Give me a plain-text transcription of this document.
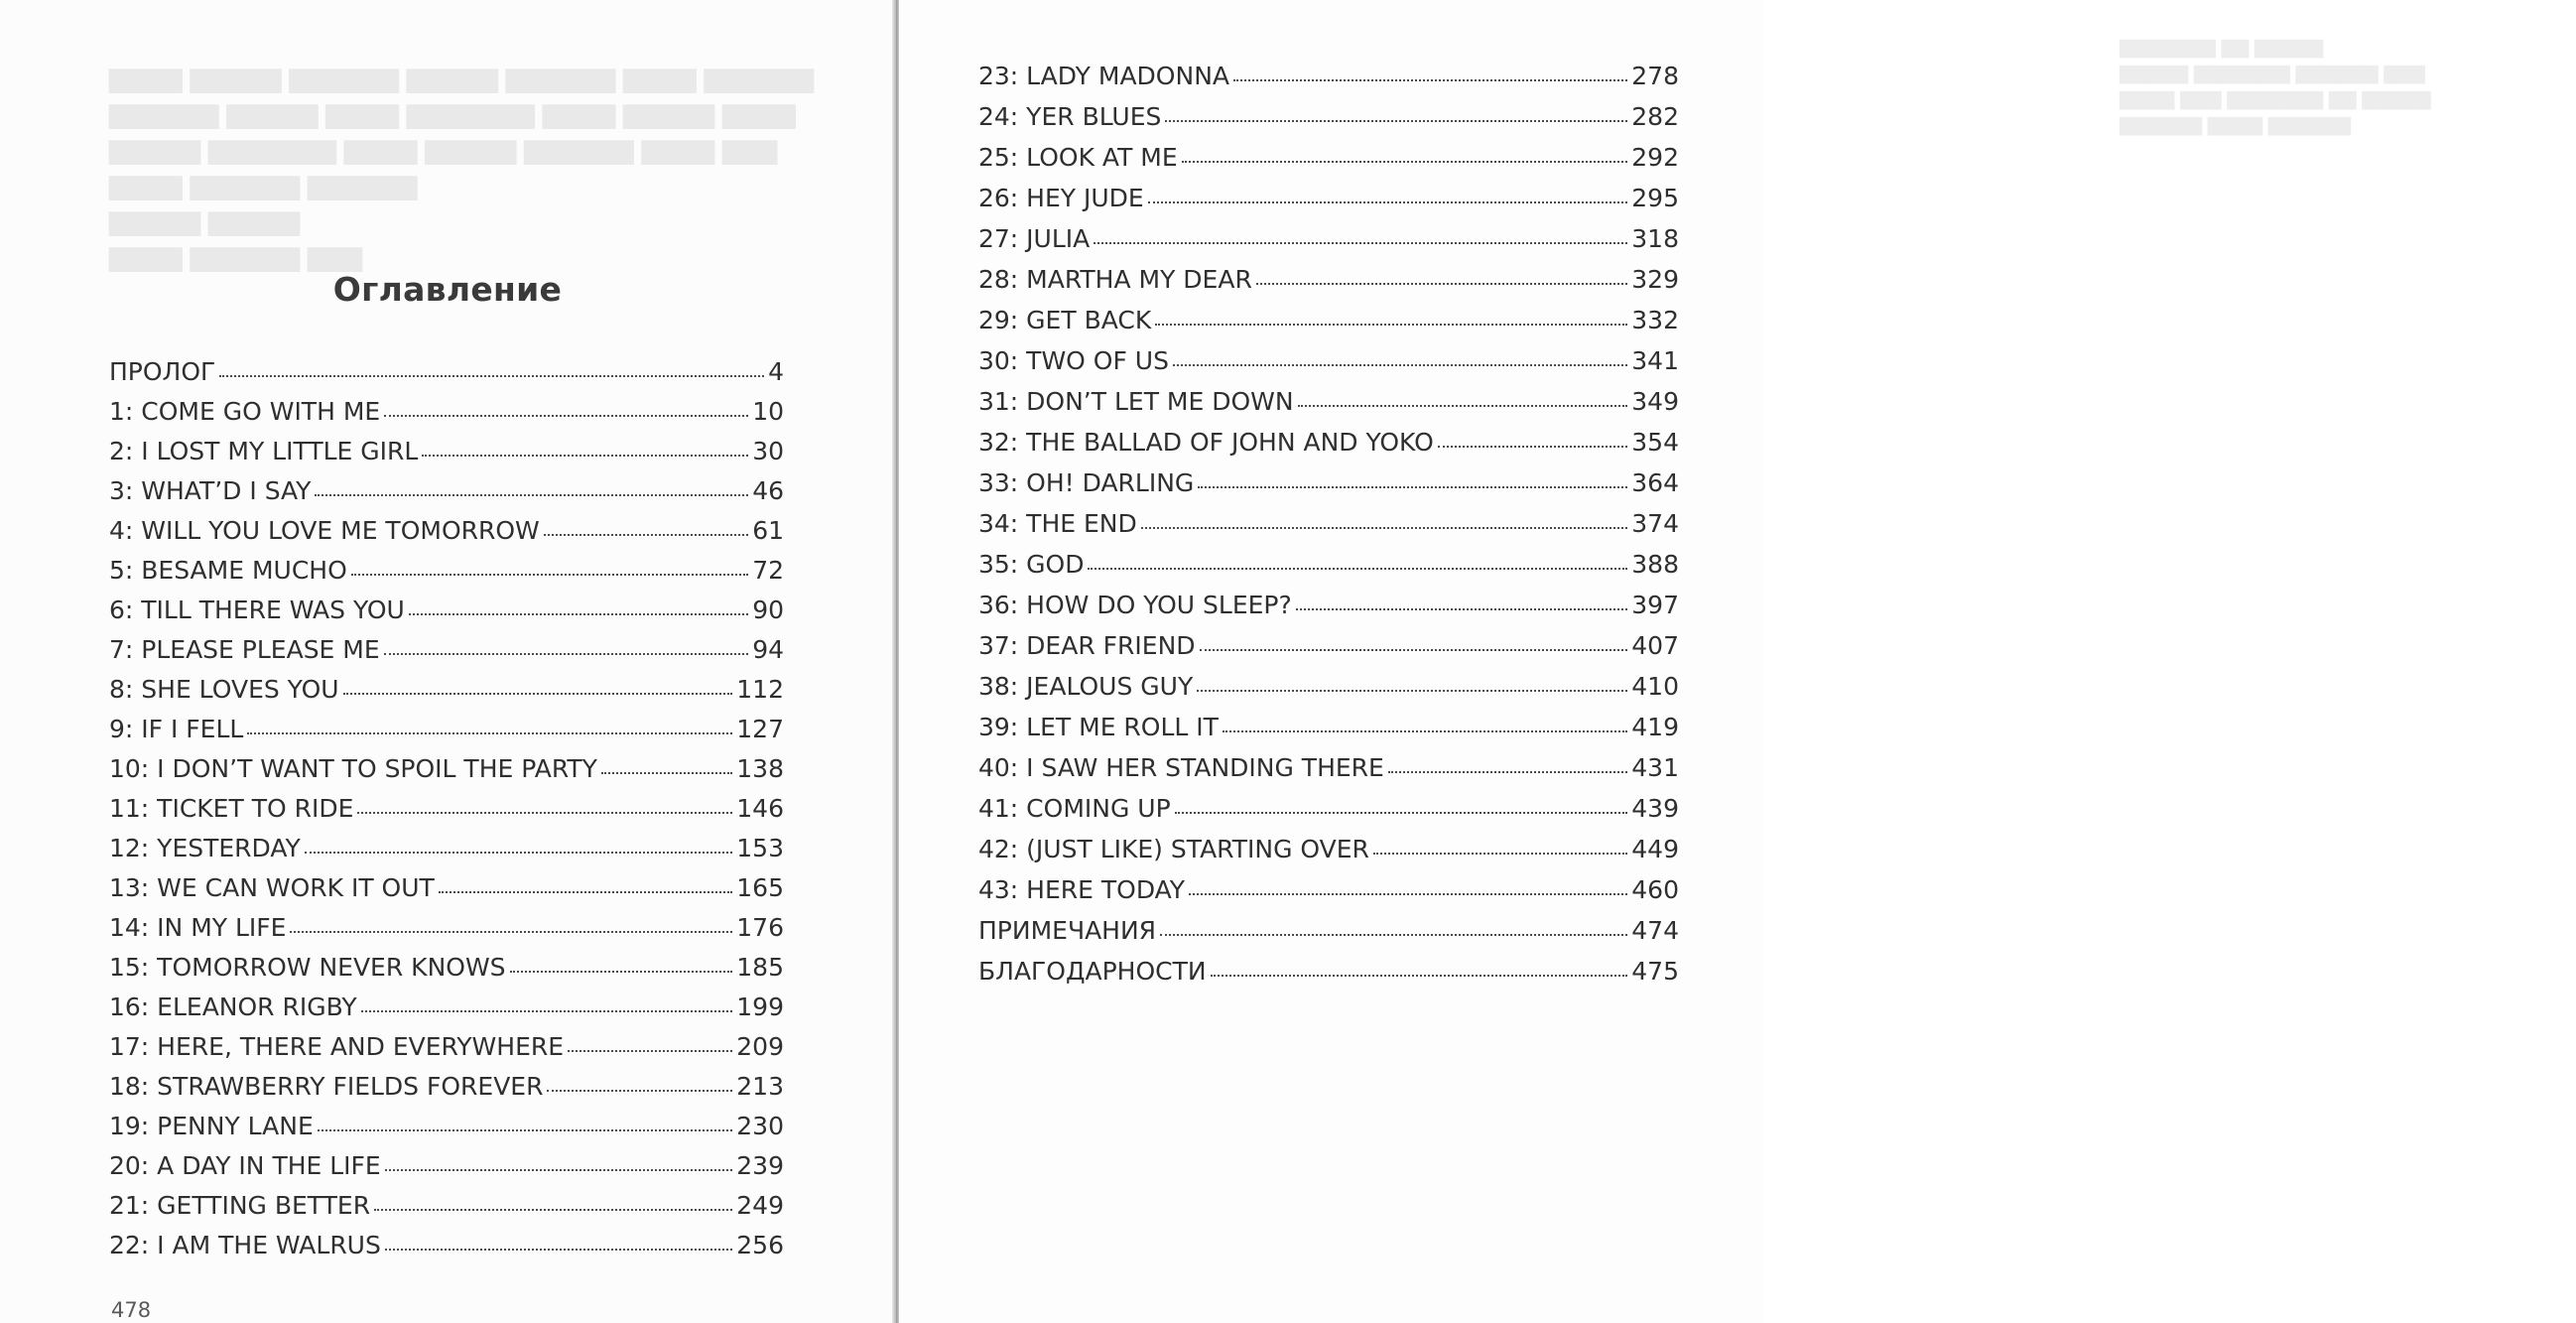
▇▇▇▇ ▇▇▇▇▇ ▇▇▇▇▇▇ ▇▇▇▇▇ ▇▇▇▇▇▇ ▇▇▇▇ ▇▇▇▇▇▇
▇▇▇▇▇▇ ▇▇▇▇▇ ▇▇▇▇ ▇▇▇▇▇▇▇ ▇▇▇▇ ▇▇▇▇▇ ▇▇▇▇
▇▇▇▇▇ ▇▇▇▇▇▇▇ ▇▇▇▇ ▇▇▇▇▇ ▇▇▇▇▇▇ ▇▇▇▇ ▇▇▇
▇▇▇▇ ▇▇▇▇▇▇ ▇▇▇▇▇▇
▇▇▇▇▇ ▇▇▇▇▇
▇▇▇▇ ▇▇▇▇▇▇ ▇▇▇
Оглавление
ПРОЛОГ	4
1: COME GO WITH ME	10
2: I LOST MY LITTLE GIRL	30
3: WHAT’D I SAY	46
4: WILL YOU LOVE ME TOMORROW	61
5: BESAME MUCHO	72
6: TILL THERE WAS YOU	90
7: PLEASE PLEASE ME	94
8: SHE LOVES YOU	112
9: IF I FELL	127
10: I DON’T WANT TO SPOIL THE PARTY	138
11: TICKET TO RIDE	146
12: YESTERDAY	153
13: WE CAN WORK IT OUT	165
14: IN MY LIFE	176
15: TOMORROW NEVER KNOWS	185
16: ELEANOR RIGBY	199
17: HERE, THERE AND EVERYWHERE	209
18: STRAWBERRY FIELDS FOREVER	213
19: PENNY LANE	230
20: A DAY IN THE LIFE	239
21: GETTING BETTER	249
22: I AM THE WALRUS	256

478

▇▇▇▇▇▇▇ ▇▇ ▇▇▇▇▇
▇▇▇▇▇ ▇▇▇▇▇▇▇ ▇▇▇▇▇▇ ▇▇▇
▇▇▇▇ ▇▇▇ ▇▇▇▇▇▇▇ ▇▇ ▇▇▇▇▇
▇▇▇▇▇▇ ▇▇▇▇ ▇▇▇▇▇▇
23: LADY MADONNA	278
24: YER BLUES	282
25: LOOK AT ME	292
26: HEY JUDE	295
27: JULIA	318
28: MARTHA MY DEAR	329
29: GET BACK	332
30: TWO OF US	341
31: DON’T LET ME DOWN	349
32: THE BALLAD OF JOHN AND YOKO	354
33: OH! DARLING	364
34: THE END	374
35: GOD	388
36: HOW DO YOU SLEEP?	397
37: DEAR FRIEND	407
38: JEALOUS GUY	410
39: LET ME ROLL IT	419
40: I SAW HER STANDING THERE	431
41: COMING UP	439
42: (JUST LIKE) STARTING OVER	449
43: HERE TODAY	460
ПРИМЕЧАНИЯ	474
БЛАГОДАРНОСТИ	475
